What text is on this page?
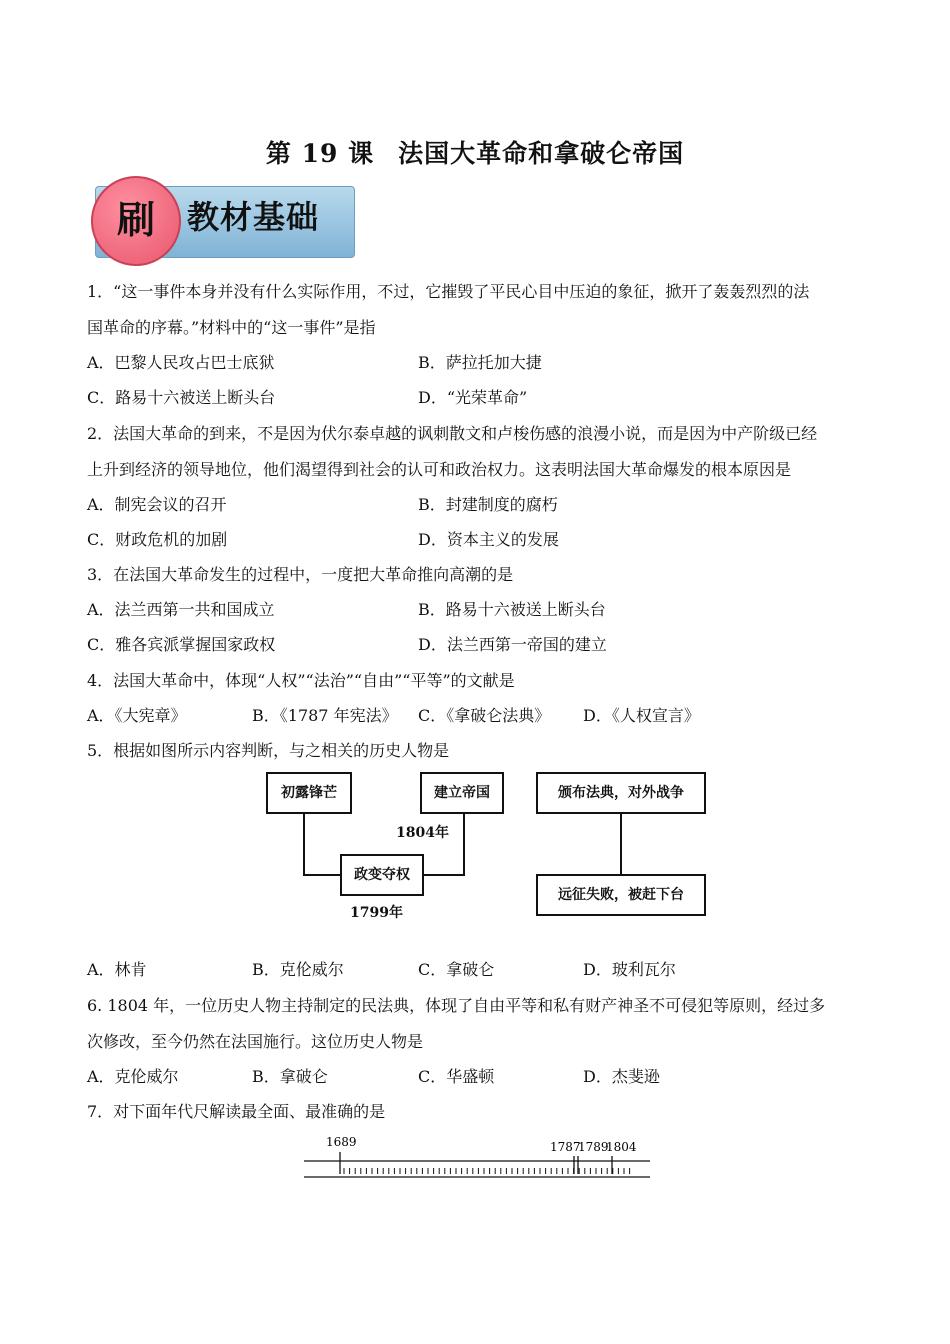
第 19 课 法国大革命和拿破仑帝国
教材基础
刷
1．“这一事件本身并没有什么实际作用，不过，它摧毁了平民心目中压迫的象征，掀开了轰轰烈烈的法
国革命的序幕。”材料中的“这一事件”是指
A．巴黎人民攻占巴士底狱	B．萨拉托加大捷
C．路易十六被送上断头台	D．“光荣革命”
2．法国大革命的到来，不是因为伏尔泰卓越的讽刺散文和卢梭伤感的浪漫小说，而是因为中产阶级已经
上升到经济的领导地位，他们渴望得到社会的认可和政治权力。这表明法国大革命爆发的根本原因是
A．制宪会议的召开	B．封建制度的腐朽
C．财政危机的加剧	D．资本主义的发展
3．在法国大革命发生的过程中，一度把大革命推向高潮的是
A．法兰西第一共和国成立	B．路易十六被送上断头台
C．雅各宾派掌握国家政权	D．法兰西第一帝国的建立
4．法国大革命中，体现“人权”“法治”“自由”“平等”的文献是
A．《大宪章》	B．《1787 年宪法》 C．《拿破仑法典》 D．《人权宣言》
5．根据如图所示内容判断，与之相关的历史人物是
初露锋芒	建立帝国
政变夺权
颁布法典，对外战争
远征失败，被赶下台
1804年
1799年
A．林肯	B．克伦威尔	C．拿破仑	D．玻利瓦尔
6. 1804 年，一位历史人物主持制定的民法典，体现了自由平等和私有财产神圣不可侵犯等原则，经过多
次修改，至今仍然在法国施行。这位历史人物是
A．克伦威尔	B．拿破仑	C．华盛顿	D．杰斐逊
7．对下面年代尺解读最全面、最准确的是
1689	1787
1789
1804
